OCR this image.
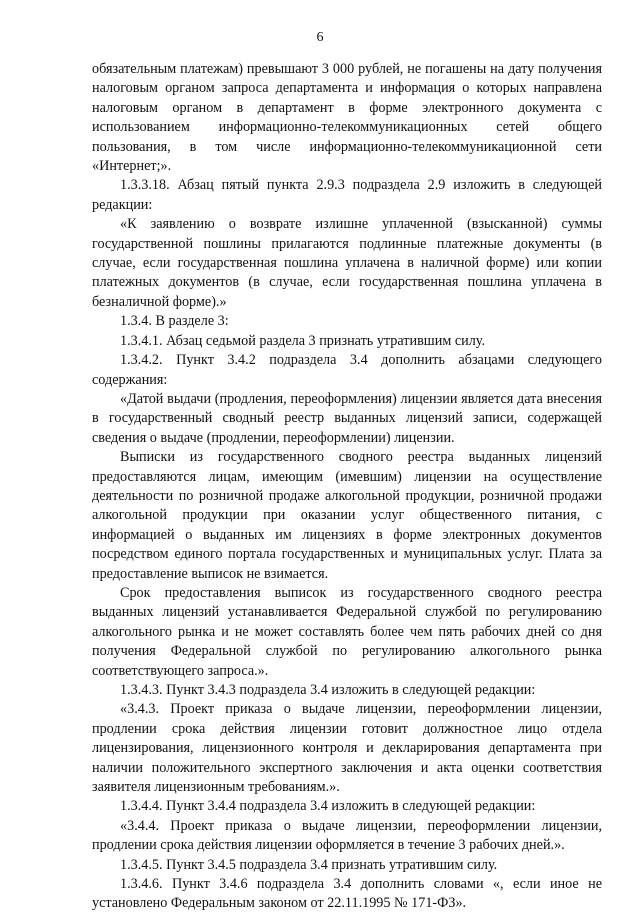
6

обязательным платежам) превышают 3 000 рублей, не погашены на дату получения налоговым органом запроса департамента и информация о которых направлена налоговым органом в департамент в форме электронного документа с использованием информационно-телекоммуникационных сетей общего пользования, в том числе информационно-телекоммуникационной сети «Интернет;».

1.3.3.18. Абзац пятый пункта 2.9.3 подраздела 2.9 изложить в следующей редакции:

«К заявлению о возврате излишне уплаченной (взысканной) суммы государственной пошлины прилагаются подлинные платежные документы (в случае, если государственная пошлина уплачена в наличной форме) или копии платежных документов (в случае, если государственная пошлина уплачена в безналичной форме).»

1.3.4. В разделе 3:

1.3.4.1. Абзац седьмой раздела 3 признать утратившим силу.

1.3.4.2. Пункт 3.4.2 подраздела 3.4 дополнить абзацами следующего содержания:

«Датой выдачи (продления, переоформления) лицензии является дата внесения в государственный сводный реестр выданных лицензий записи, содержащей сведения о выдаче (продлении, переоформлении) лицензии.

Выписки из государственного сводного реестра выданных лицензий предоставляются лицам, имеющим (имевшим) лицензии на осуществление деятельности по розничной продаже алкогольной продукции, розничной продажи алкогольной продукции при оказании услуг общественного питания, с информацией о выданных им лицензиях в форме электронных документов посредством единого портала государственных и муниципальных услуг. Плата за предоставление выписок не взимается.

Срок предоставления выписок из государственного сводного реестра выданных лицензий устанавливается Федеральной службой по регулированию алкогольного рынка и не может составлять более чем пять рабочих дней со дня получения Федеральной службой по регулированию алкогольного рынка соответствующего запроса.».

1.3.4.3. Пункт 3.4.3 подраздела 3.4 изложить в следующей редакции:

«3.4.3. Проект приказа о выдаче лицензии, переоформлении лицензии, продлении срока действия лицензии готовит должностное лицо отдела лицензирования, лицензионного контроля и декларирования департамента при наличии положительного экспертного заключения и акта оценки соответствия заявителя лицензионным требованиям.».

1.3.4.4. Пункт 3.4.4 подраздела 3.4 изложить в следующей редакции:

«3.4.4. Проект приказа о выдаче лицензии, переоформлении лицензии, продлении срока действия лицензии оформляется в течение 3 рабочих дней.».

1.3.4.5. Пункт 3.4.5 подраздела 3.4 признать утратившим силу.

1.3.4.6. Пункт 3.4.6 подраздела 3.4 дополнить словами «, если иное не установлено Федеральным законом от 22.11.1995 № 171-ФЗ».
